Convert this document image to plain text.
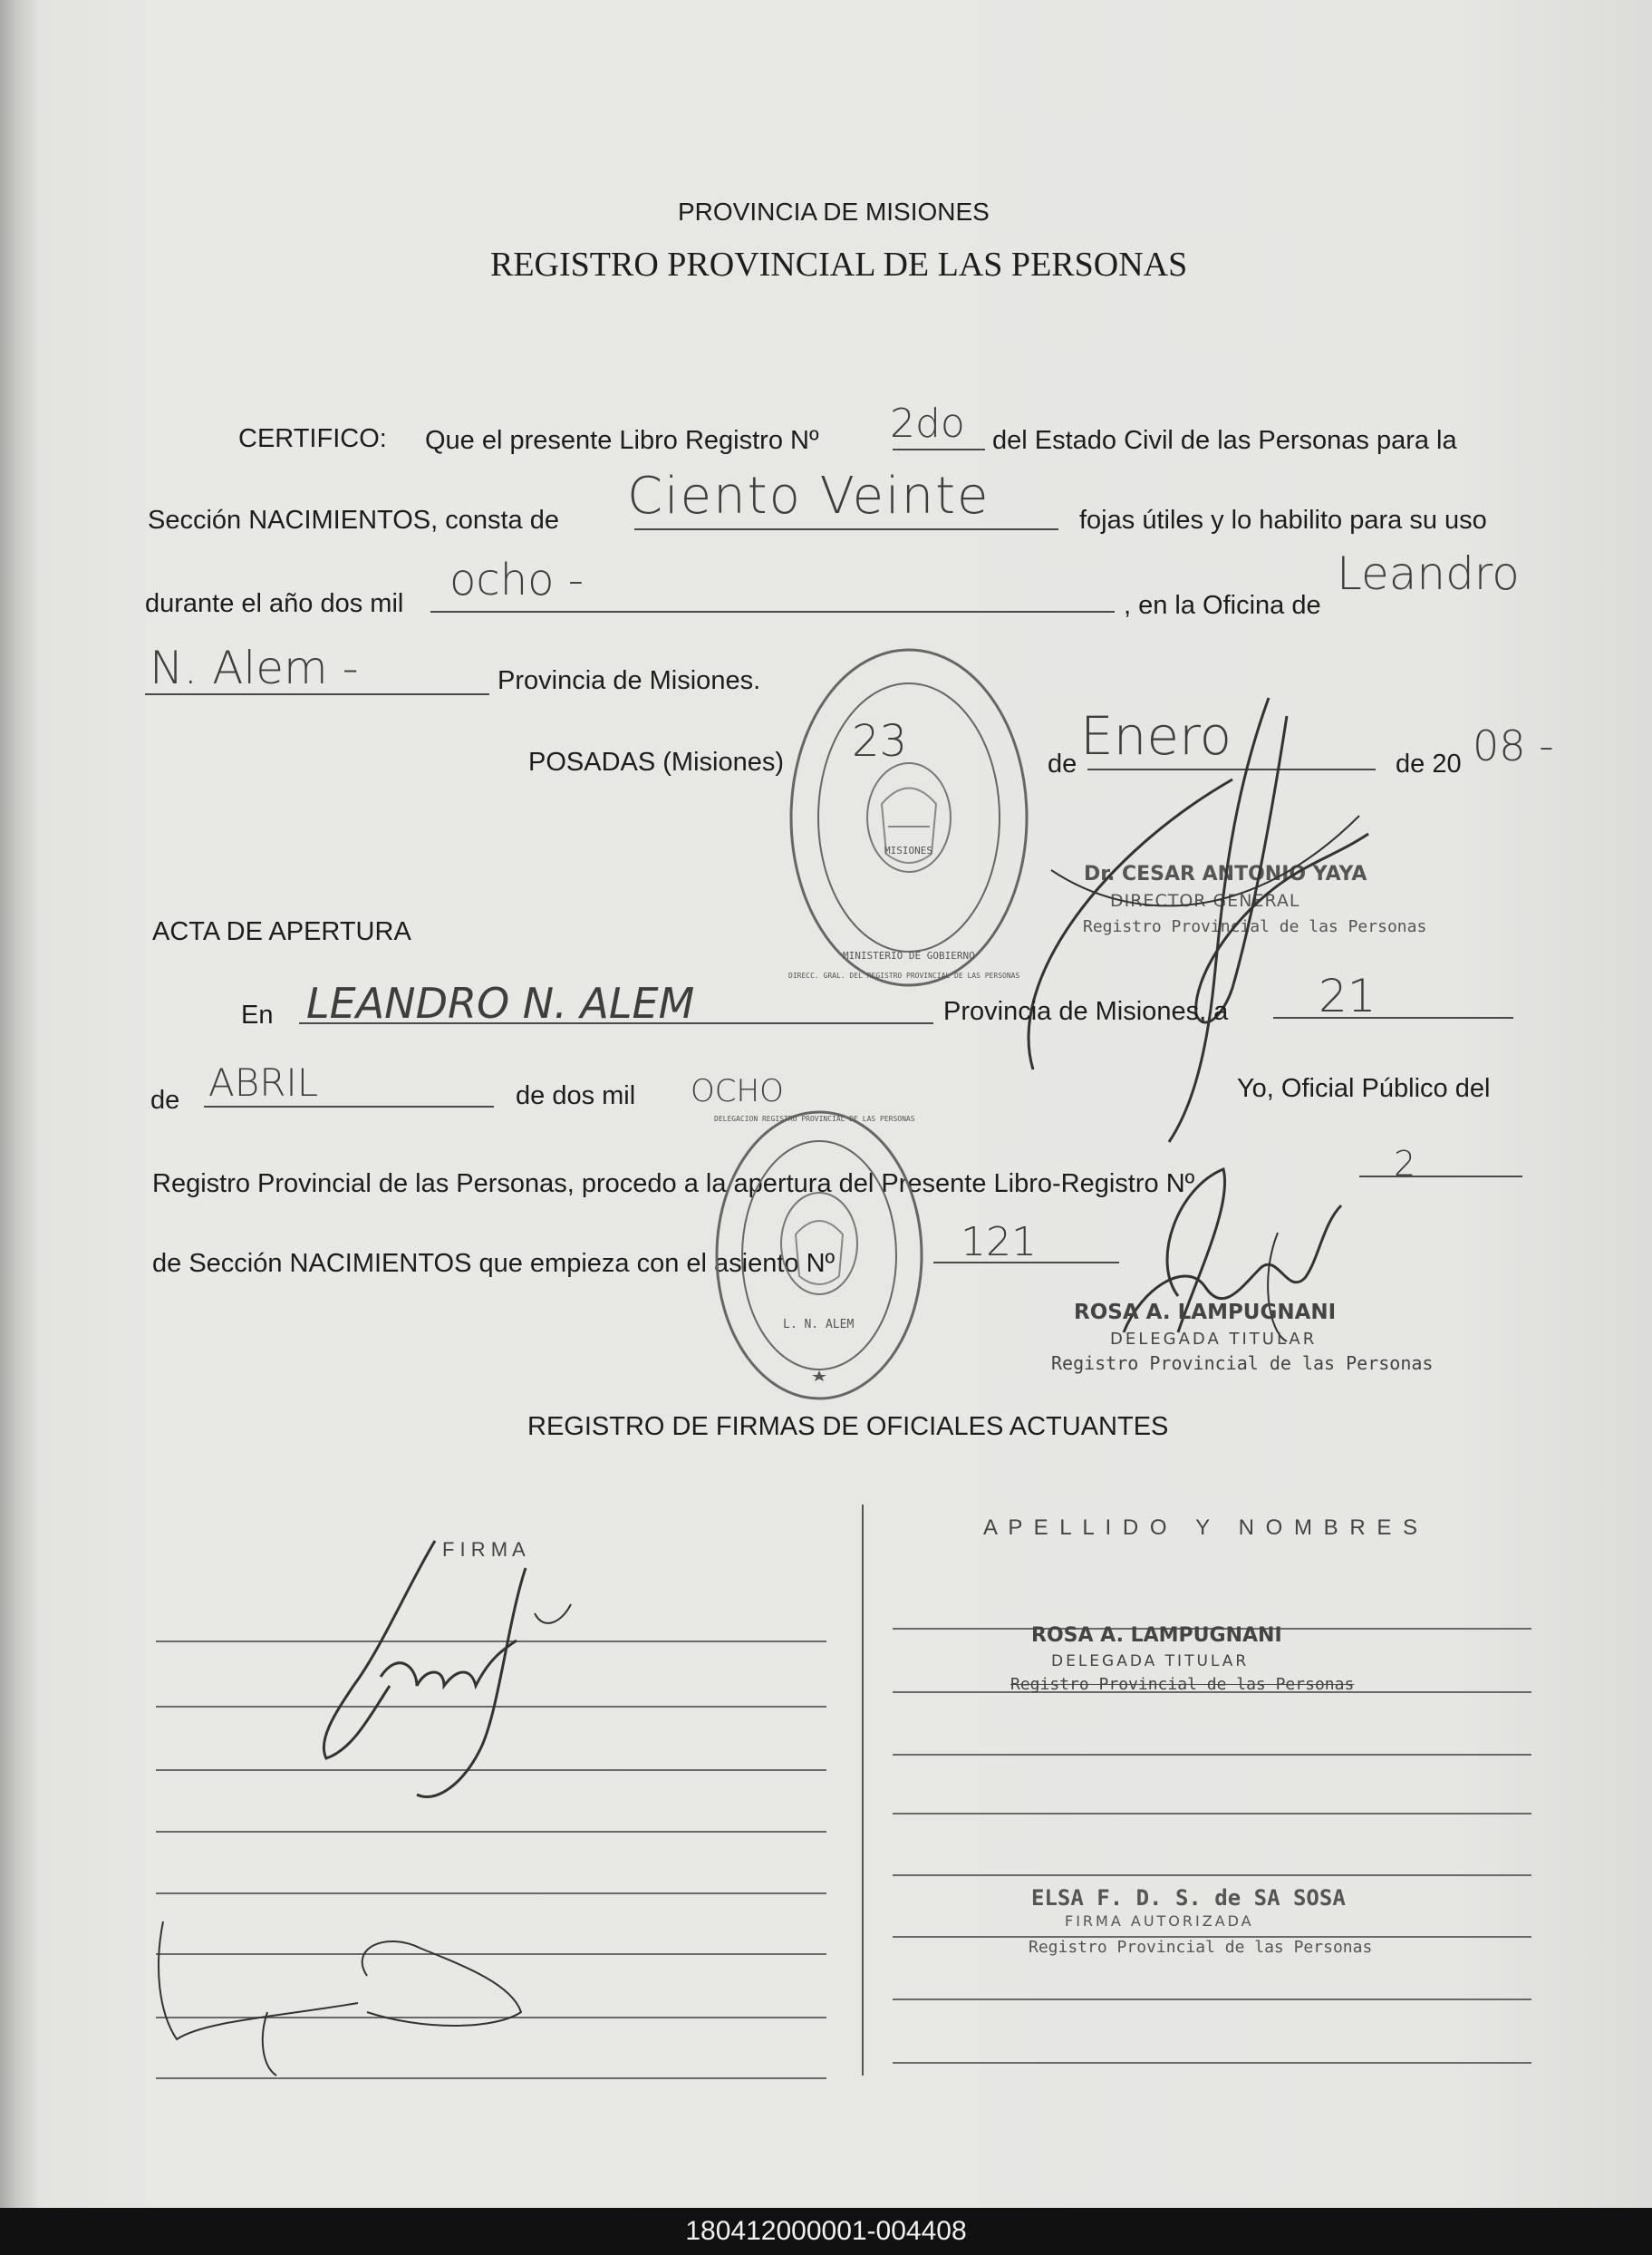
PROVINCIA DE MISIONES
REGISTRO PROVINCIAL DE LAS PERSONAS
CERTIFICO: Que el presente Libro Registro Nº 2do del Estado Civil de las Personas para la
Sección NACIMIENTOS, consta de Ciento Veinte	fojas útiles y lo habilito para su uso
durante el año dos mil ocho -	, en la Oficina de
Leandro
N. Alem -	Provincia de Misiones.
POSADAS (Misiones) 23	de Enero	de 20 08 -
Dr. CESAR ANTONIO YAYA
DIRECTOR GENERAL
Registro Provincial de las Personas
MISIONES
MINISTERIO DE GOBIERNO
DIRECC. GRAL. DEL REGISTRO PROVINCIAL DE LAS PERSONAS
ACTA DE APERTURA
En LEANDRO N. ALEM	Provincia de Misiones, a 21
de ABRIL	de dos mil OCHO	Yo, Oficial Público del
Registro Provincial de las Personas, procedo a la apertura del Presente Libro-Registro Nº	2
de Sección NACIMIENTOS que empieza con el asiento Nº	121
L. N. ALEM
DELEGACION REGISTRO PROVINCIAL DE LAS PERSONAS
ROSA A. LAMPUGNANI
DELEGADA TITULAR
Registro Provincial de las Personas
REGISTRO DE FIRMAS DE OFICIALES ACTUANTES
F I R M A
A P E L L I D O   Y   N O M B R E S
ROSA A. LAMPUGNANI
DELEGADA TITULAR
Registro Provincial de las Personas
ELSA F. D. S. de SA SOSA
FIRMA AUTORIZADA
Registro Provincial de las Personas
180412000001-004408
